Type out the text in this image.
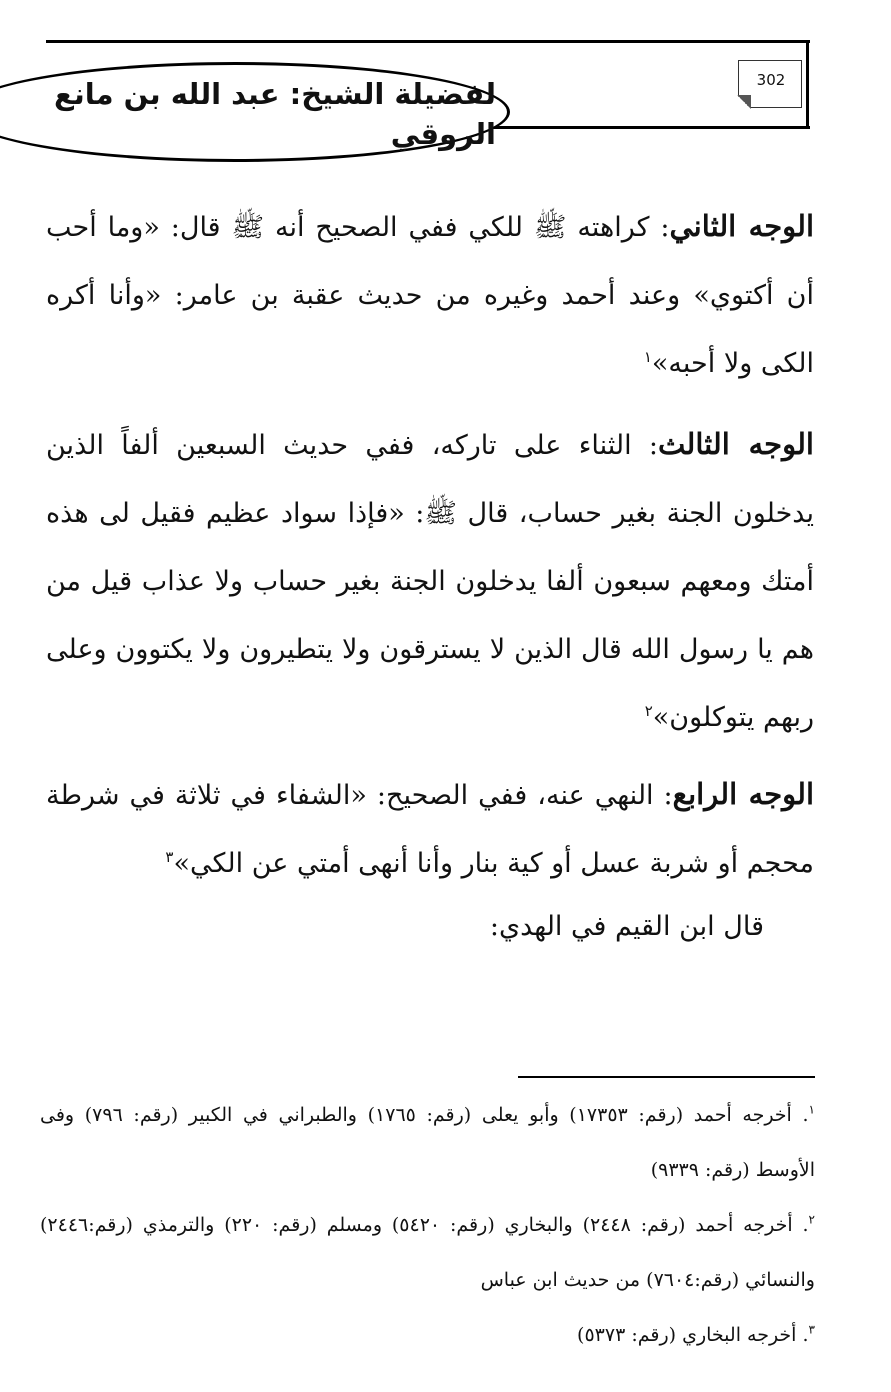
لفضيلة الشيخ: عبد الله بن مانع الروقي
302
الوجه الثاني: كراهته ﷺ للكي ففي الصحيح أنه ﷺ قال: «وما أحب أن أكتوي» وعند أحمد وغيره من حديث عقبة بن عامر: «وأنا أكره الكى ولا أحبه»$^١$
الوجه الثالث: الثناء على تاركه، ففي حديث السبعين ألفاً الذين يدخلون الجنة بغير حساب، قال ﷺ: «فإذا سواد عظيم فقيل لى هذه أمتك ومعهم سبعون ألفا يدخلون الجنة بغير حساب ولا عذاب قيل من هم يا رسول الله قال الذين لا يسترقون ولا يتطيرون ولا يكتوون وعلى ربهم يتوكلون»$^٢$
الوجه الرابع: النهي عنه، ففي الصحيح: «الشفاء في ثلاثة في شرطة محجم أو شربة عسل أو كية بنار وأنا أنهى أمتي عن الكي»$^٣$
قال ابن القيم في الهدي:
$^١$. أخرجه أحمد (رقم: ١٧٣٥٣) وأبو يعلى (رقم: ١٧٦٥) والطبراني في الكبير (رقم: ٧٩٦) وفى الأوسط (رقم: ٩٣٣٩)
$^٢$. أخرجه أحمد (رقم: ٢٤٤٨) والبخاري (رقم: ٥٤٢٠) ومسلم (رقم: ٢٢٠) والترمذي (رقم:٢٤٤٦) والنسائي (رقم:٧٦٠٤) من حديث ابن عباس
$^٣$. أخرجه البخاري (رقم: ٥٣٧٣)
